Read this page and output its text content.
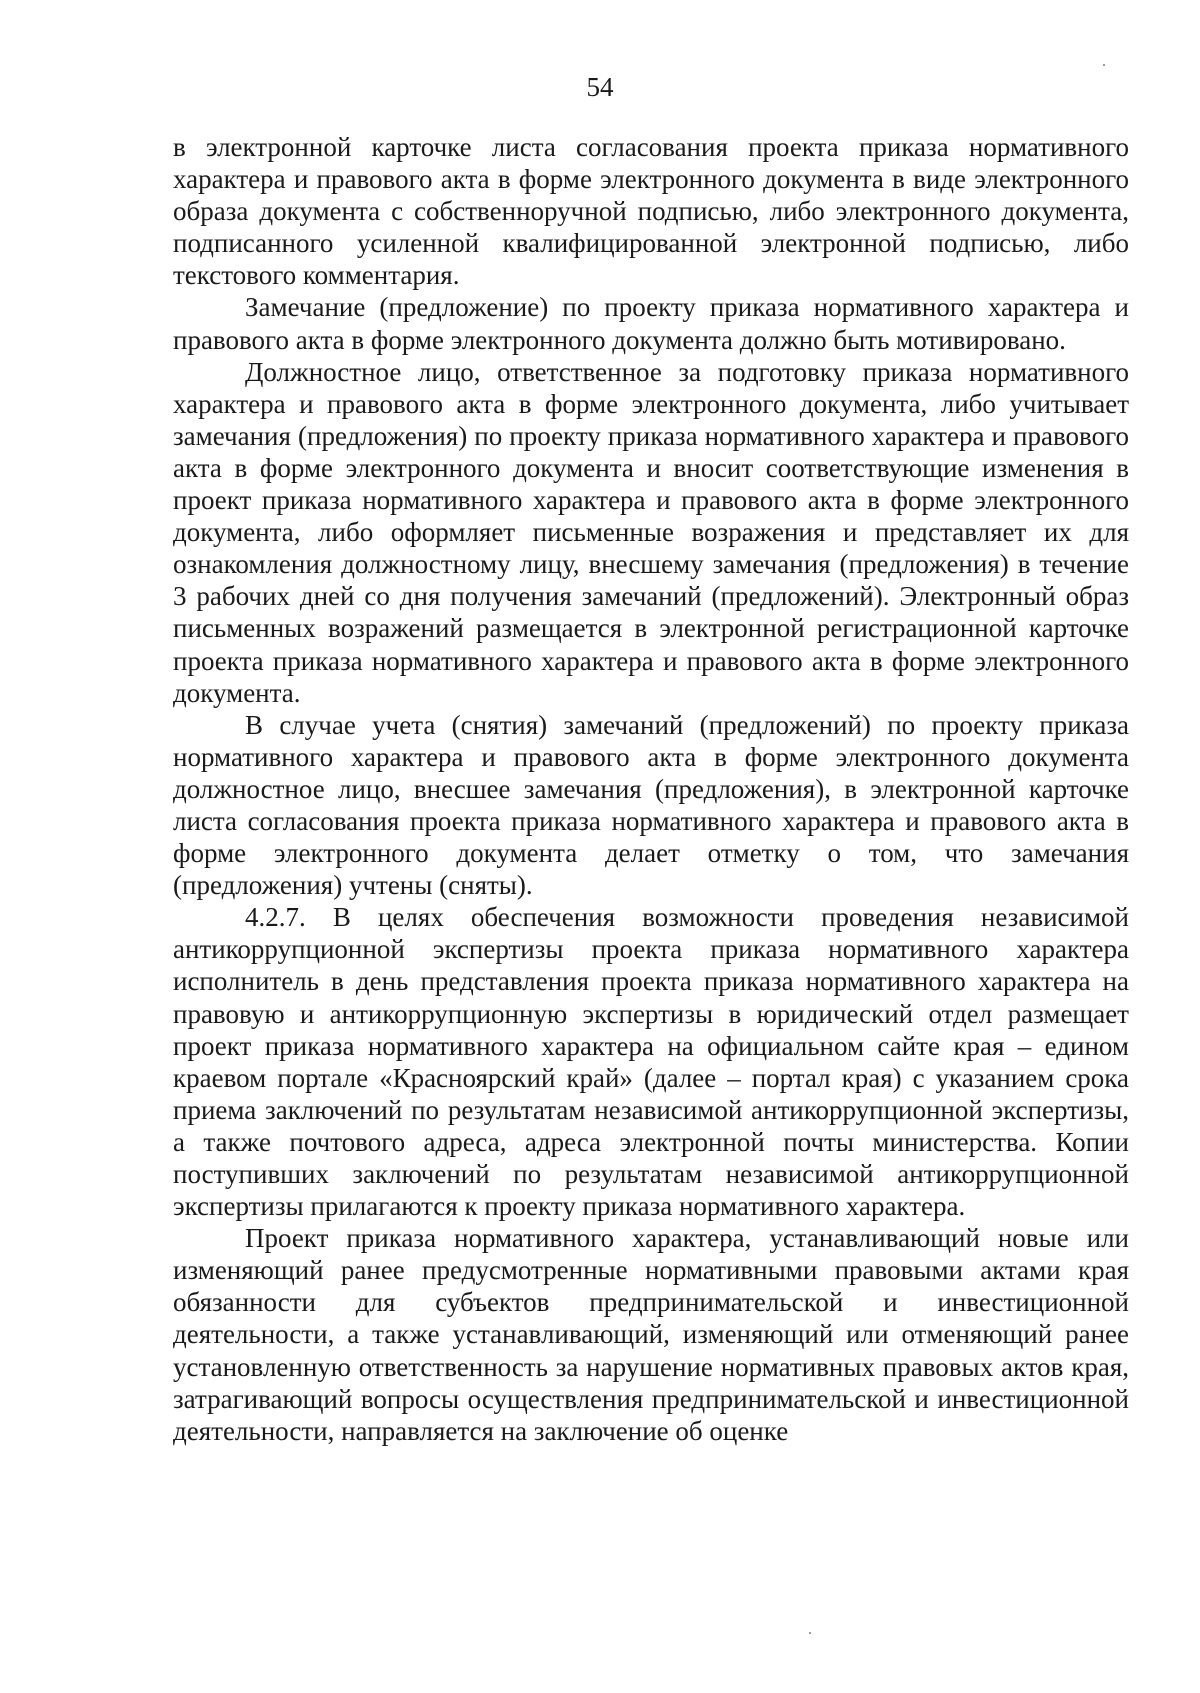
54

в электронной карточке листа согласования проекта приказа нормативного характера и правового акта в форме электронного документа в виде электронного образа документа с собственноручной подписью, либо электронного документа, подписанного усиленной квалифицированной электронной подписью, либо текстового комментария.

Замечание (предложение) по проекту приказа нормативного характера и правового акта в форме электронного документа должно быть мотивировано.

Должностное лицо, ответственное за подготовку приказа нормативного характера и правового акта в форме электронного документа, либо учитывает замечания (предложения) по проекту приказа нормативного характера и правового акта в форме электронного документа и вносит соответствующие изменения в проект приказа нормативного характера и правового акта в форме электронного документа, либо оформляет письменные возражения и представляет их для ознакомления должностному лицу, внесшему замечания (предложения) в течение 3 рабочих дней со дня получения замечаний (предложений). Электронный образ письменных возражений размещается в электронной регистрационной карточке проекта приказа нормативного характера и правового акта в форме электронного документа.

В случае учета (снятия) замечаний (предложений) по проекту приказа нормативного характера и правового акта в форме электронного документа должностное лицо, внесшее замечания (предложения), в электронной карточке листа согласования проекта приказа нормативного характера и правового акта в форме электронного документа делает отметку о том, что замечания (предложения) учтены (сняты).

4.2.7. В целях обеспечения возможности проведения независимой антикоррупционной экспертизы проекта приказа нормативного характера исполнитель в день представления проекта приказа нормативного характера на правовую и антикоррупционную экспертизы в юридический отдел размещает проект приказа нормативного характера на официальном сайте края – едином краевом портале «Красноярский край» (далее – портал края) с указанием срока приема заключений по результатам независимой антикоррупционной экспертизы, а также почтового адреса, адреса электронной почты министерства. Копии поступивших заключений по результатам независимой антикоррупционной экспертизы прилагаются к проекту приказа нормативного характера.

Проект приказа нормативного характера, устанавливающий новые или изменяющий ранее предусмотренные нормативными правовыми актами края обязанности для субъектов предпринимательской и инвестиционной деятельности, а также устанавливающий, изменяющий или отменяющий ранее установленную ответственность за нарушение нормативных правовых актов края, затрагивающий вопросы осуществления предпринимательской и инвестиционной деятельности, направляется на заключение об оценке
